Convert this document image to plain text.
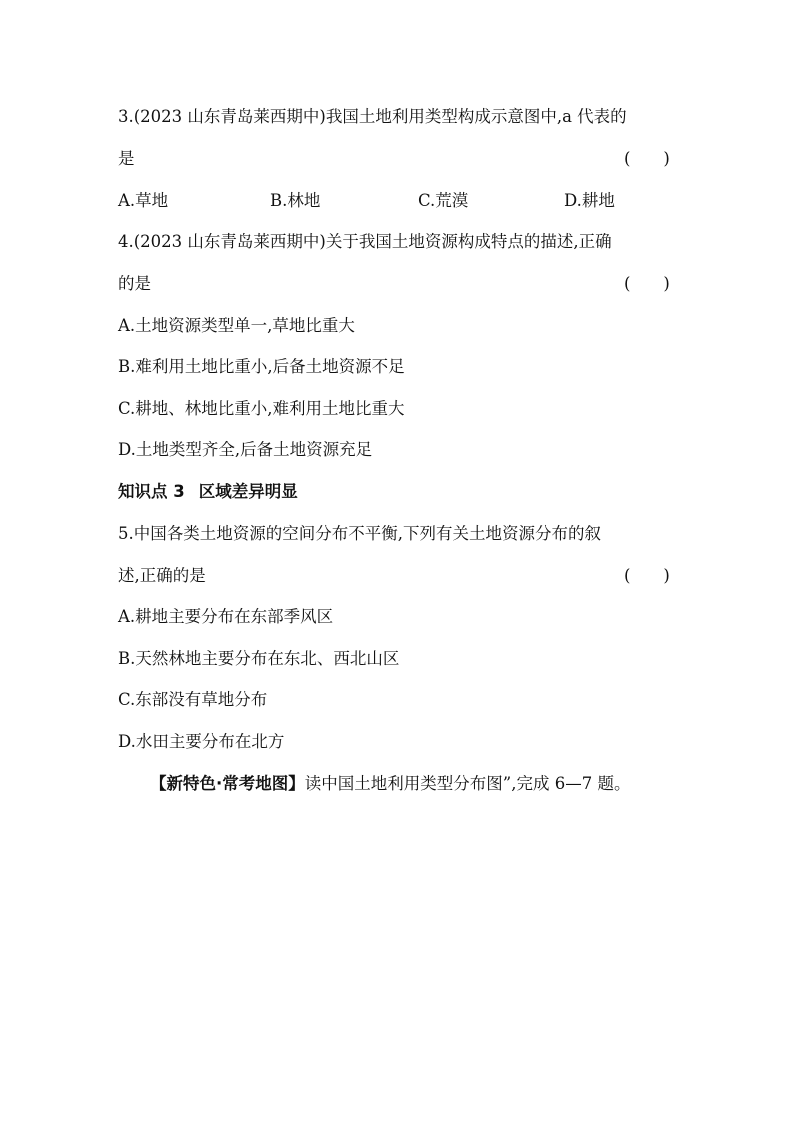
3.(2023 山东青岛莱西期中)我国土地利用类型构成示意图中,a 代表的
是	(　　)
A.草地	B.林地	C.荒漠	D.耕地
4.(2023 山东青岛莱西期中)关于我国土地资源构成特点的描述,正确
的是	(　　)
A.土地资源类型单一,草地比重大
B.难利用土地比重小,后备土地资源不足
C.耕地、林地比重小,难利用土地比重大
D.土地类型齐全,后备土地资源充足
知识点 3 区域差异明显
5.中国各类土地资源的空间分布不平衡,下列有关土地资源分布的叙
述,正确的是	(　　)
A.耕地主要分布在东部季风区
B.天然林地主要分布在东北、西北山区
C.东部没有草地分布
D.水田主要分布在北方
【新特色·常考地图】读中国土地利用类型分布图”,完成 6—7 题。
